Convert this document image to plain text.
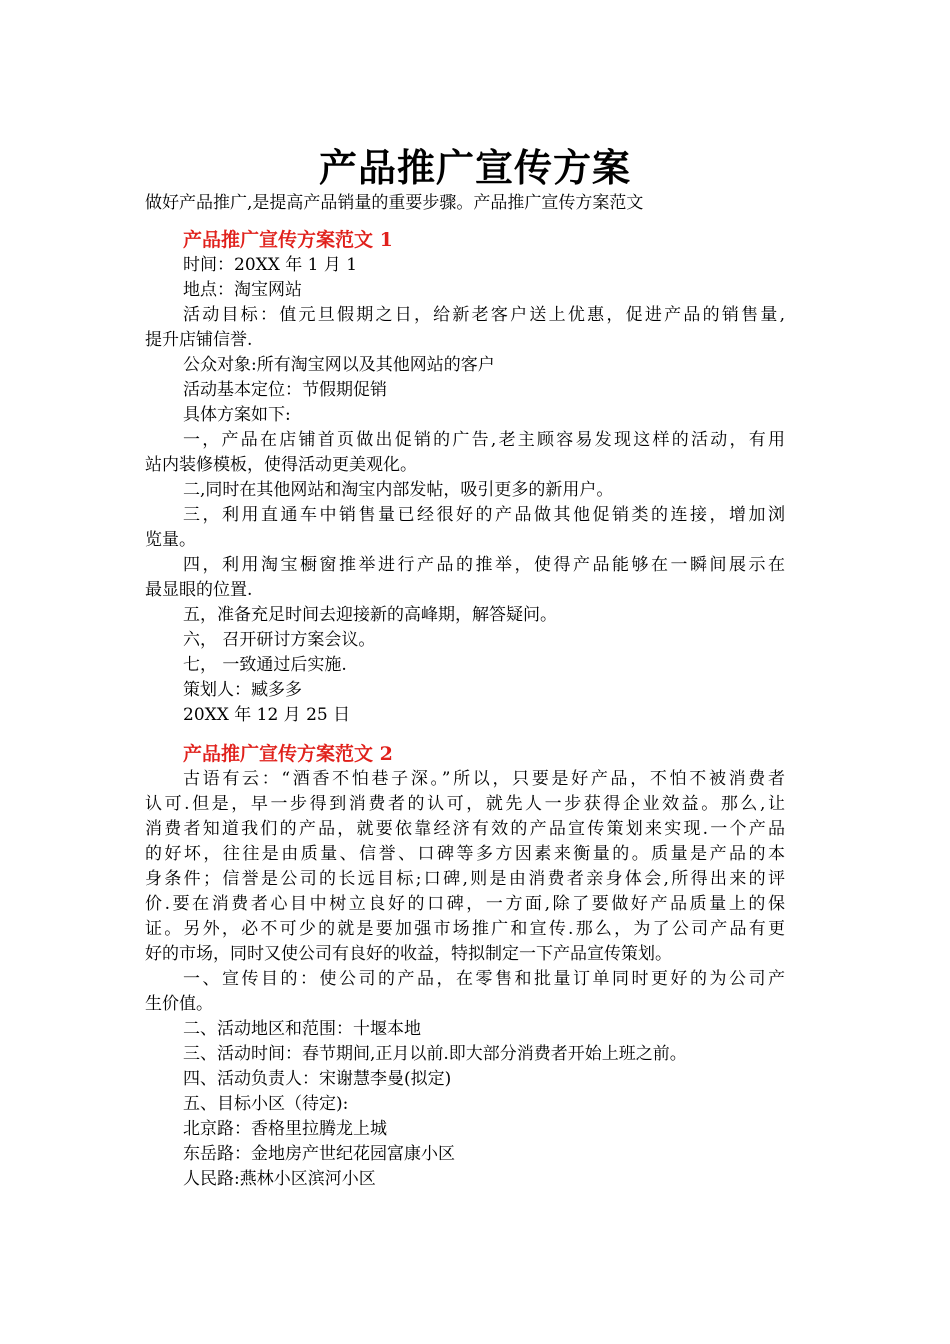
产品推广宣传方案
做好产品推广,是提高产品销量的重要步骤。产品推广宣传方案范文
产品推广宣传方案范文 1
时间：20XX 年 1 月 1
地点：淘宝网站
活动目标：值元旦假期之日，给新老客户送上优惠，促进产品的销售量,
提升店铺信誉.
公众对象:所有淘宝网以及其他网站的客户
活动基本定位：节假期促销
具体方案如下:
一，产品在店铺首页做出促销的广告,老主顾容易发现这样的活动，有用
站内装修模板，使得活动更美观化。
二,同时在其他网站和淘宝内部发帖，吸引更多的新用户。
三，利用直通车中销售量已经很好的产品做其他促销类的连接，增加浏
览量。
四，利用淘宝橱窗推举进行产品的推举，使得产品能够在一瞬间展示在
最显眼的位置.
五，准备充足时间去迎接新的高峰期，解答疑问。
六， 召开研讨方案会议。
七， 一致通过后实施.
策划人：臧多多
20XX 年 12 月 25 日
产品推广宣传方案范文 2
古语有云：“酒香不怕巷子深。”所以，只要是好产品，不怕不被消费者
认可.但是，早一步得到消费者的认可，就先人一步获得企业效益。那么,让
消费者知道我们的产品，就要依靠经济有效的产品宣传策划来实现.一个产品
的好坏，往往是由质量、信誉、口碑等多方因素来衡量的。质量是产品的本
身条件；信誉是公司的长远目标;口碑,则是由消费者亲身体会,所得出来的评
价.要在消费者心目中树立良好的口碑，一方面,除了要做好产品质量上的保
证。另外，必不可少的就是要加强市场推广和宣传.那么，为了公司产品有更
好的市场，同时又使公司有良好的收益，特拟制定一下产品宣传策划。
一、宣传目的：使公司的产品，在零售和批量订单同时更好的为公司产
生价值。
二、活动地区和范围：十堰本地
三、活动时间：春节期间,正月以前.即大部分消费者开始上班之前。
四、活动负责人：宋谢慧李曼(拟定)
五、目标小区（待定):
北京路：香格里拉腾龙上城
东岳路：金地房产世纪花园富康小区
人民路:燕林小区滨河小区
